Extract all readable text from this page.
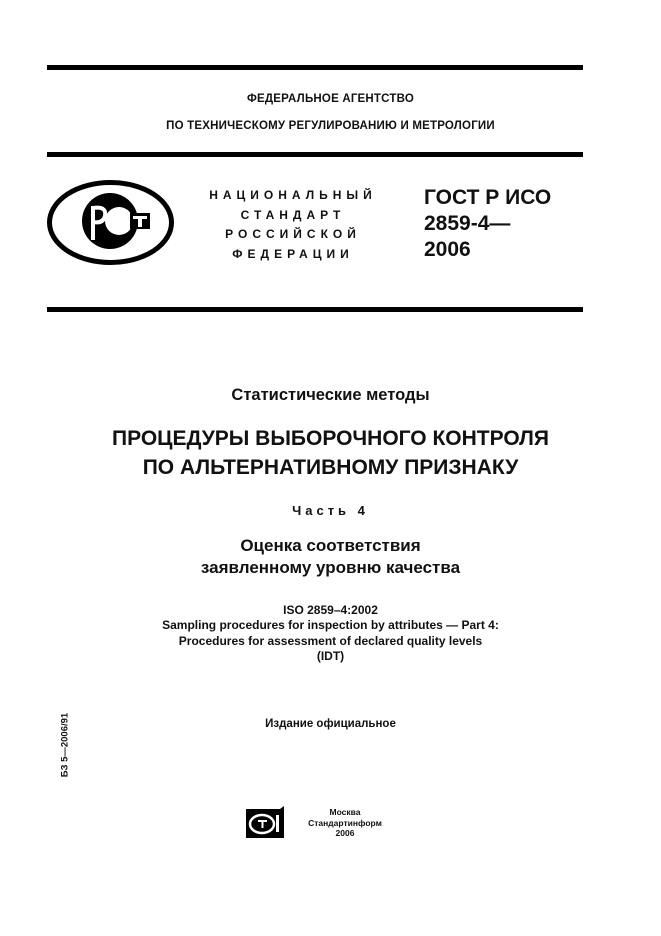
ФЕДЕРАЛЬНОЕ АГЕНТСТВО
ПО ТЕХНИЧЕСКОМУ РЕГУЛИРОВАНИЮ И МЕТРОЛОГИИ
НАЦИОНАЛЬНЫЙ
СТАНДАРТ
РОССИЙСКОЙ
ФЕДЕРАЦИИ
ГОСТ Р ИСО
2859-4—
2006
Статистические методы
ПРОЦЕДУРЫ ВЫБОРОЧНОГО КОНТРОЛЯ
ПО АЛЬТЕРНАТИВНОМУ ПРИЗНАКУ
Часть 4
Оценка соответствия
заявленному уровню качества
ISO 2859–4:2002
Sampling procedures for inspection by attributes — Part 4:
Procedures for assessment of declared quality levels
(IDT)
Издание официальное
БЗ 5—2006/91
Москва
Стандартинформ
2006
